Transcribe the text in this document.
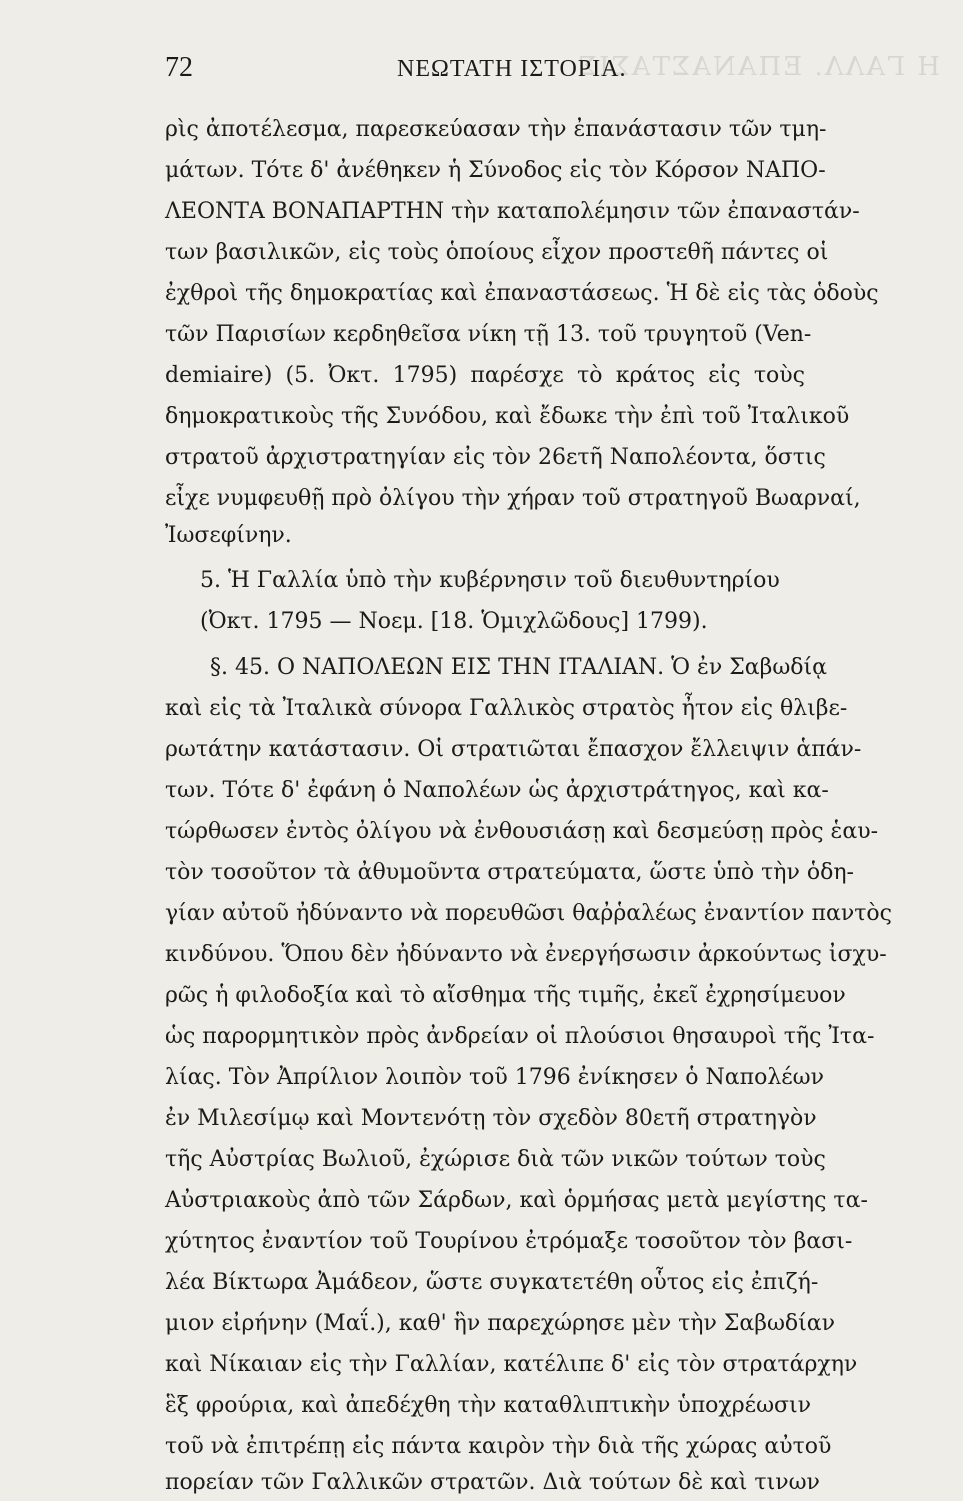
Η ΓΑΛΛ. ΕΠΑΝΑΣΤΑΣΙΣ
72	ΝΕΩΤΑΤΗ ΙΣΤΟΡΙΑ.
ρὶς ἀποτέλεσμα, παρεσκεύασαν τὴν ἐπανάστασιν τῶν τμη-
μάτων. Τότε δ' ἀνέθηκεν ἡ Σύνοδος εἰς τὸν Κόρσον ΝΑΠΟ-
ΛΕΟΝΤΑ ΒΟΝΑΠΑΡΤΗΝ τὴν καταπολέμησιν τῶν ἐπαναστάν-
των βασιλικῶν, εἰς τοὺς ὁποίους εἶχον προστεθῆ πάντες οἱ
ἐχθροὶ τῆς δημοκρατίας καὶ ἐπαναστάσεως. Ἡ δὲ εἰς τὰς ὁδοὺς
τῶν Παρισίων κερδηθεῖσα νίκη τῇ 13. τοῦ τρυγητοῦ (Ven-
demiaire) (5. Ὀκτ. 1795) παρέσχε τὸ κράτος εἰς τοὺς
δημοκρατικοὺς τῆς Συνόδου, καὶ ἔδωκε τὴν ἐπὶ τοῦ Ἰταλικοῦ
στρατοῦ ἀρχιστρατηγίαν εἰς τὸν 26ετῆ Ναπολέοντα, ὅστις
εἶχε νυμφευθῇ πρὸ ὀλίγου τὴν χήραν τοῦ στρατηγοῦ Βωαρναί,
Ἰωσεφίνην.
5. Ἡ Γαλλία ὑπὸ τὴν κυβέρνησιν τοῦ διευθυντηρίου
(Ὀκτ. 1795 — Νοεμ. [18. Ὁμιχλῶδους] 1799).
§. 45. Ο ΝΑΠΟΛΕΩΝ ΕΙΣ ΤΗΝ ΙΤΑΛΙΑΝ. Ὁ ἐν Σαβωδίᾳ
καὶ εἰς τὰ Ἰταλικὰ σύνορα Γαλλικὸς στρατὸς ἦτον εἰς θλιβε-
ρωτάτην κατάστασιν. Οἱ στρατιῶται ἔπασχον ἔλλειψιν ἁπάν-
των. Τότε δ' ἐφάνη ὁ Ναπολέων ὡς ἀρχιστράτηγος, καὶ κα-
τώρθωσεν ἐντὸς ὀλίγου νὰ ἐνθουσιάσῃ καὶ δεσμεύσῃ πρὸς ἑαυ-
τὸν τοσοῦτον τὰ ἀθυμοῦντα στρατεύματα, ὥστε ὑπὸ τὴν ὁδη-
γίαν αὐτοῦ ἠδύναντο νὰ πορευθῶσι θαῤῥαλέως ἐναντίον παντὸς
κινδύνου. Ὅπου δὲν ἠδύναντο νὰ ἐνεργήσωσιν ἀρκούντως ἰσχυ-
ρῶς ἡ φιλοδοξία καὶ τὸ αἴσθημα τῆς τιμῆς, ἐκεῖ ἐχρησίμευον
ὡς παρορμητικὸν πρὸς ἀνδρείαν οἱ πλούσιοι θησαυροὶ τῆς Ἰτα-
λίας. Τὸν Ἀπρίλιον λοιπὸν τοῦ 1796 ἐνίκησεν ὁ Ναπολέων
ἐν Μιλεσίμῳ καὶ Μοντενότῃ τὸν σχεδὸν 80ετῆ στρατηγὸν
τῆς Αὐστρίας Βωλιοῦ, ἐχώρισε διὰ τῶν νικῶν τούτων τοὺς
Αὐστριακοὺς ἀπὸ τῶν Σάρδων, καὶ ὁρμήσας μετὰ μεγίστης τα-
χύτητος ἐναντίον τοῦ Τουρίνου ἐτρόμαξε τοσοῦτον τὸν βασι-
λέα Βίκτωρα Ἀμάδεον, ὥστε συγκατετέθη οὗτος εἰς ἐπιζή-
μιον εἰρήνην (Μαΐ.), καθ' ἣν παρεχώρησε μὲν τὴν Σαβωδίαν
καὶ Νίκαιαν εἰς τὴν Γαλλίαν, κατέλιπε δ' εἰς τὸν στρατάρχην
ἓξ φρούρια, καὶ ἀπεδέχθη τὴν καταθλιπτικὴν ὑποχρέωσιν
τοῦ νὰ ἐπιτρέπῃ εἰς πάντα καιρὸν τὴν διὰ τῆς χώρας αὐτοῦ
πορείαν τῶν Γαλλικῶν στρατῶν. Διὰ τούτων δὲ καὶ τινων
